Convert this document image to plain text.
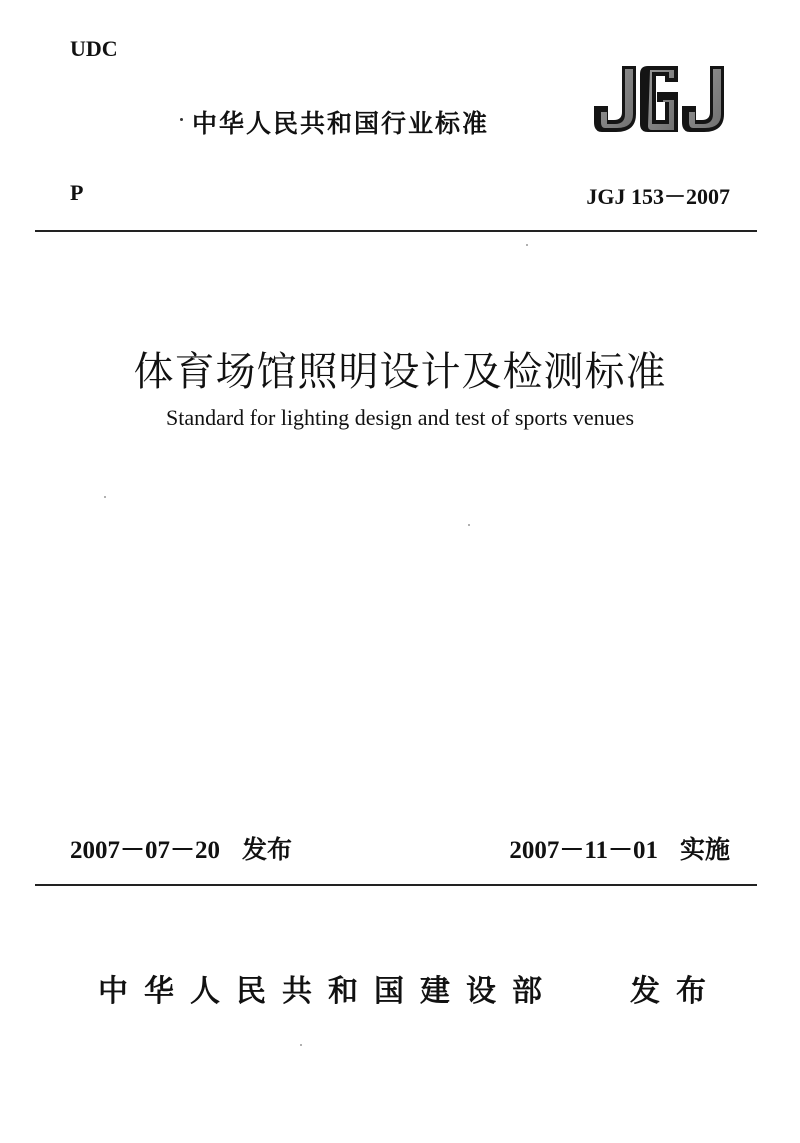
UDC
中华人民共和国行业标准
P	JGJ 153－2007
体育场馆照明设计及检测标准
Standard for lighting design and test of sports venues
2007－07－20 发布	2007－11－01 实施
中华人民共和国建设部 发布
